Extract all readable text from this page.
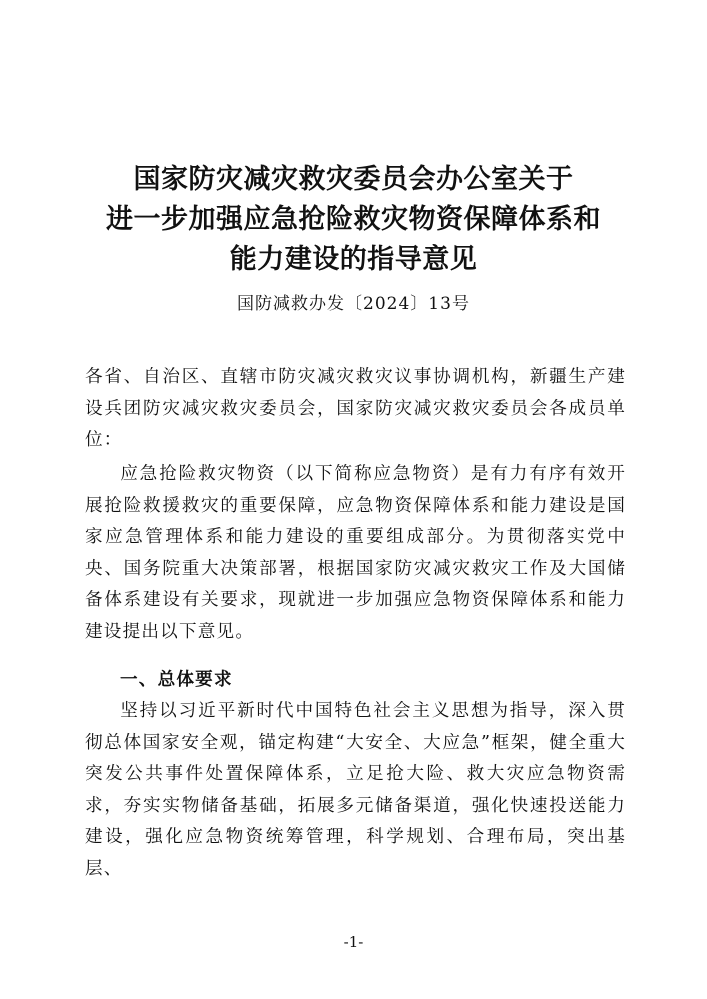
国家防灾减灾救灾委员会办公室关于
进一步加强应急抢险救灾物资保障体系和
能力建设的指导意见
国防减救办发〔2024〕13号
各省、自治区、直辖市防灾减灾救灾议事协调机构，新疆生产建设兵团防灾减灾救灾委员会，国家防灾减灾救灾委员会各成员单位：

应急抢险救灾物资（以下简称应急物资）是有力有序有效开展抢险救援救灾的重要保障，应急物资保障体系和能力建设是国家应急管理体系和能力建设的重要组成部分。为贯彻落实党中央、国务院重大决策部署，根据国家防灾减灾救灾工作及大国储备体系建设有关要求，现就进一步加强应急物资保障体系和能力建设提出以下意见。

一、总体要求

坚持以习近平新时代中国特色社会主义思想为指导，深入贯彻总体国家安全观，锚定构建“大安全、大应急”框架，健全重大突发公共事件处置保障体系，立足抢大险、救大灾应急物资需求，夯实实物储备基础，拓展多元储备渠道，强化快速投送能力建设，强化应急物资统筹管理，科学规划、合理布局，突出基层、

-1-
